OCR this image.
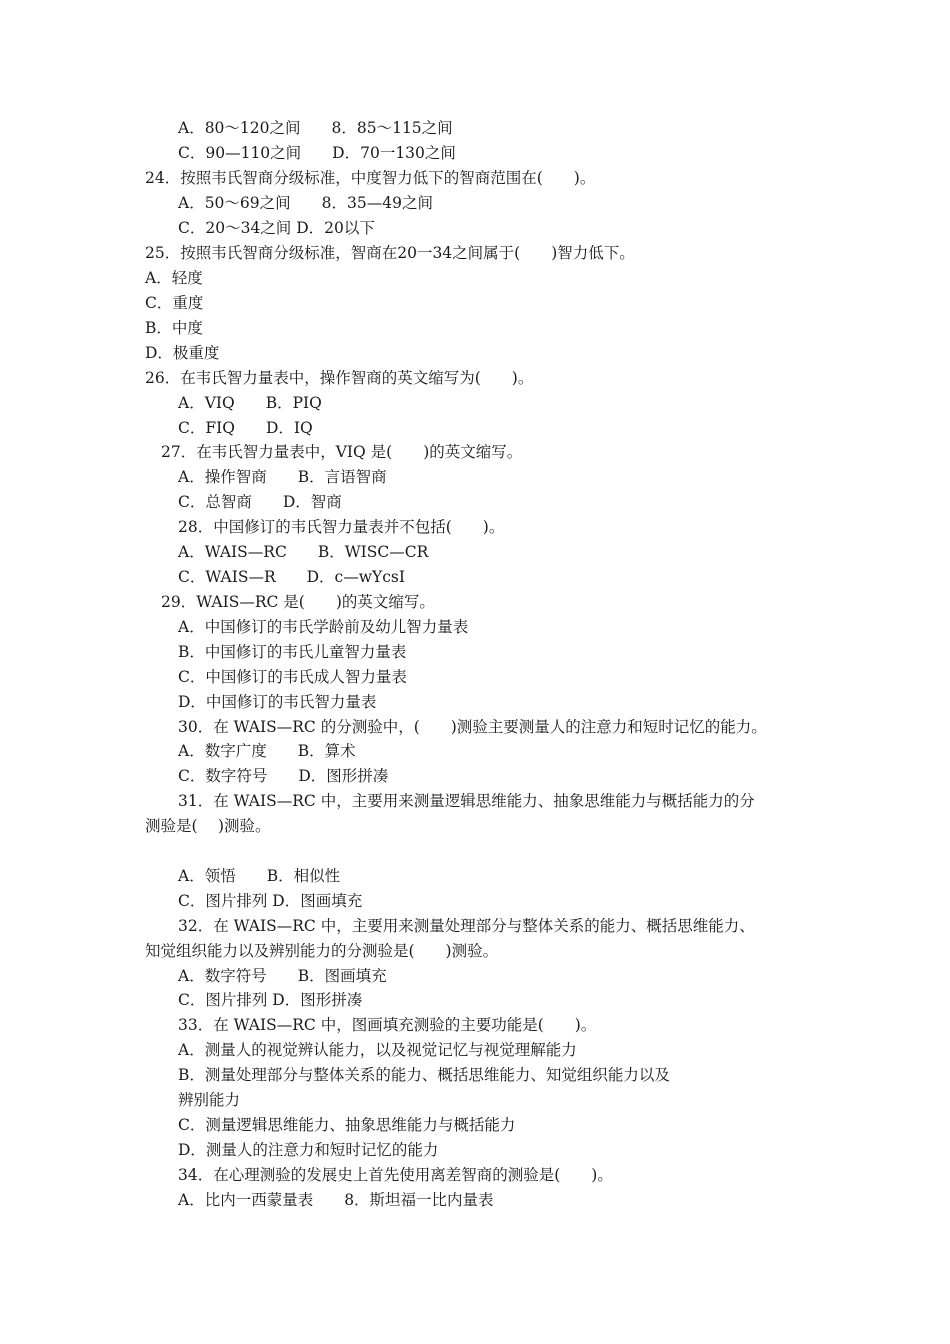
A．80～120之间　　8．85～115之间
C．90—110之间　　D．70一130之间
24．按照韦氏智商分级标准，中度智力低下的智商范围在(　　)。
A．50～69之间　　8．35—49之间
C．20～34之间 D．20以下
25．按照韦氏智商分级标准，智商在20一34之间属于(　　)智力低下。
A．轻度
C．重度
B．中度
D．极重度
26．在韦氏智力量表中，操作智商的英文缩写为(　　)。
A．VIQ　　B．PIQ
C．FIQ　　D．IQ
27．在韦氏智力量表中，VIQ 是(　　)的英文缩写。
A．操作智商　　B．言语智商
C．总智商　　D．智商
28．中国修订的韦氏智力量表并不包括(　　)。
A．WAIS—RC　　B．WISC—CR
C．WAIS—R　　D．c—wYcsI
29．WAIS—RC 是(　　)的英文缩写。
A．中国修订的韦氏学龄前及幼儿智力量表
B．中国修订的韦氏儿童智力量表
C．中国修订的韦氏成人智力量表
D．中国修订的韦氏智力量表
30．在 WAIS—RC 的分测验中，(　　)测验主要测量人的注意力和短时记忆的能力。
A．数字广度　　B．算术
C．数字符号　　D．图形拼凑
31．在 WAIS—RC 中，主要用来测量逻辑思维能力、抽象思维能力与概括能力的分
测验是(　 )测验。
A．领悟　　B．相似性
C．图片排列 D．图画填充
32．在 WAIS—RC 中，主要用来测量处理部分与整体关系的能力、概括思维能力、
知觉组织能力以及辨别能力的分测验是(　　)测验。
A．数字符号　　B．图画填充
C．图片排列 D．图形拼凑
33．在 WAIS—RC 中，图画填充测验的主要功能是(　　)。
A．测量人的视觉辨认能力，以及视觉记忆与视觉理解能力
B．测量处理部分与整体关系的能力、概括思维能力、知觉组织能力以及
辨别能力
C．测量逻辑思维能力、抽象思维能力与概括能力
D．测量人的注意力和短时记忆的能力
34．在心理测验的发展史上首先使用离差智商的测验是(　　)。
A．比内一西蒙量表　　8．斯坦福一比内量表
